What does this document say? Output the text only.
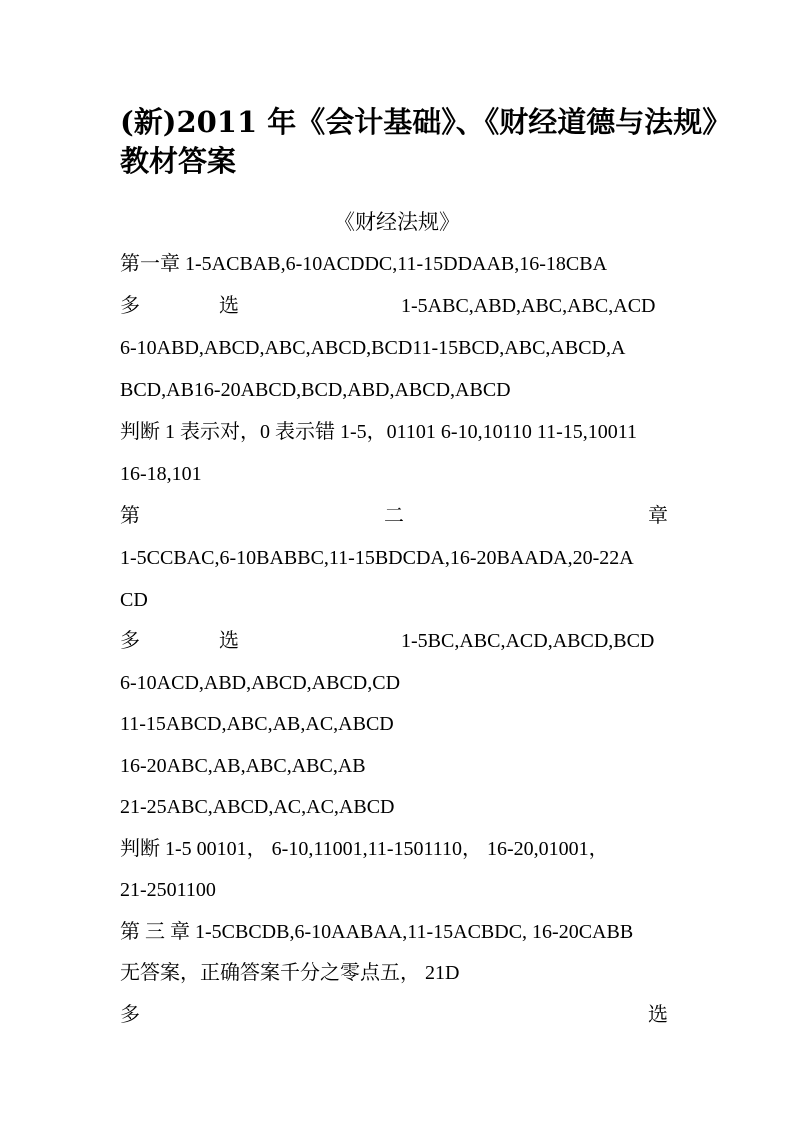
(新)2011 年《会计基础》、《财经道德与法规》
教材答案
《财经法规》
第一章 1-5ACBAB,6-10ACDDC,11-15DDAAB,16-18CBA
多	选	1-5ABC,ABD,ABC,ABC,ACD
6-10ABD,ABCD,ABC,ABCD,BCD11-15BCD,ABC,ABCD,A
BCD,AB16-20ABCD,BCD,ABD,ABCD,ABCD
判断 1 表示对，0 表示错 1-5，01101 6-10,10110 11-15,10011
16-18,101
第	二	章
1-5CCBAC,6-10BABBC,11-15BDCDA,16-20BAADA,20-22A
CD
多	选	1-5BC,ABC,ACD,ABCD,BCD
6-10ACD,ABD,ABCD,ABCD,CD
11-15ABCD,ABC,AB,AC,ABCD
16-20ABC,AB,ABC,ABC,AB
21-25ABC,ABCD,AC,AC,ABCD
判断 1-5 00101， 6-10,11001,11-1501110， 16-20,01001，
21-2501100
第 三 章 1-5CBCDB,6-10AABAA,11-15ACBDC, 16-20CABB
无答案，正确答案千分之零点五， 21D
多	选
